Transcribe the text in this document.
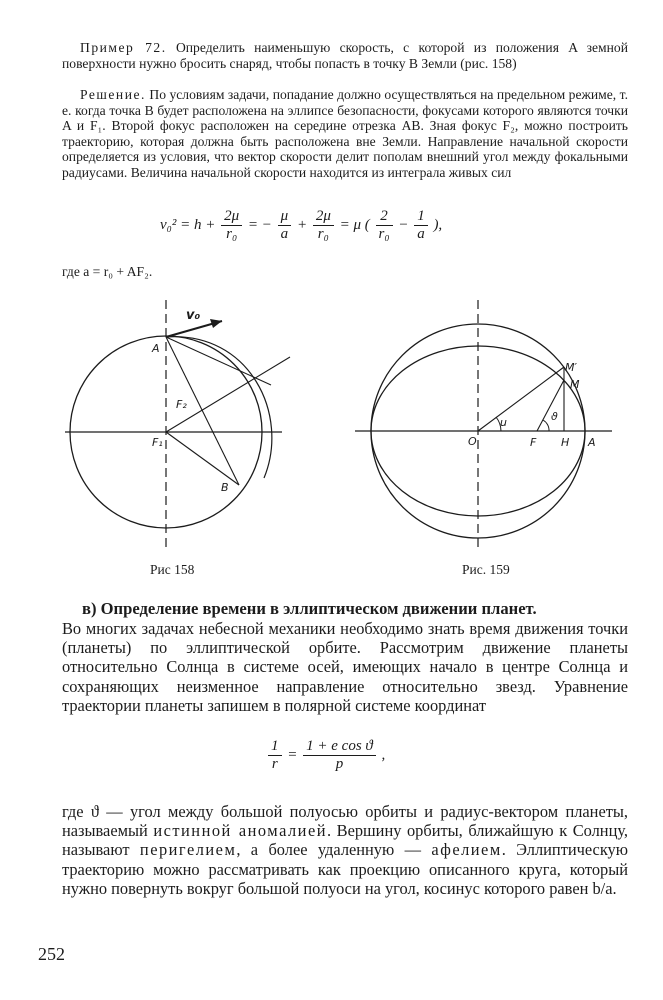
Пример 72. Определить наименьшую скорость, с которой из положения A земной поверхности нужно бросить снаряд, чтобы попасть в точку B Земли (рис. 158)
Решение. По условиям задачи, попадание должно осуществляться на предельном режиме, т. е. когда точка B будет расположена на эллипсе безопасности, фокусами которого являются точки A и F₁. Второй фокус расположен на середине отрезка AB. Зная фокус F₂, можно построить траекторию, которая должна быть расположена вне Земли. Направление начальной скорости определяется из условия, что вектор скорости делит пополам внешний угол между фокальными радиусами. Величина начальной скорости находится из интеграла живых сил
$v_0^2 = h + \frac{2\mu}{\text{r₀}}$ = − $\frac{\mu}{a} + \frac{2\mu}{\text{r₀}} = \mu$ ( $\frac{2}{\text{r₀}} - \frac{1}{a}$ ),
где a = r₀ + AF₂.
v₀
A
F₂
F₁
B
O
u
F H A
M
M′
ϑ
Рис 158	Рис. 159
в) Определение времени в эллиптическом движении планет.
Во многих задачах небесной механики необходимо знать время движения точки (планеты) по эллиптической орбите. Рассмотрим движение планеты относительно Солнца в системе осей, имеющих начало в центре Солнца и сохраняющих неизменное направление относительно звезд. Уравнение траектории планеты запишем в полярной системе координат
$\frac{1}{r} = \frac{\text{1 + e cos ϑ}}{p}$ ,
где ϑ — угол между большой полуосью орбиты и радиус-вектором планеты, называемый истинной аномалией. Вершину орбиты, ближайшую к Солнцу, называют перигелием, а более удаленную — афелием. Эллиптическую траекторию можно рассматривать как проекцию описанного круга, который нужно повернуть вокруг большой полуоси на угол, косинус которого равен b/a.
252
